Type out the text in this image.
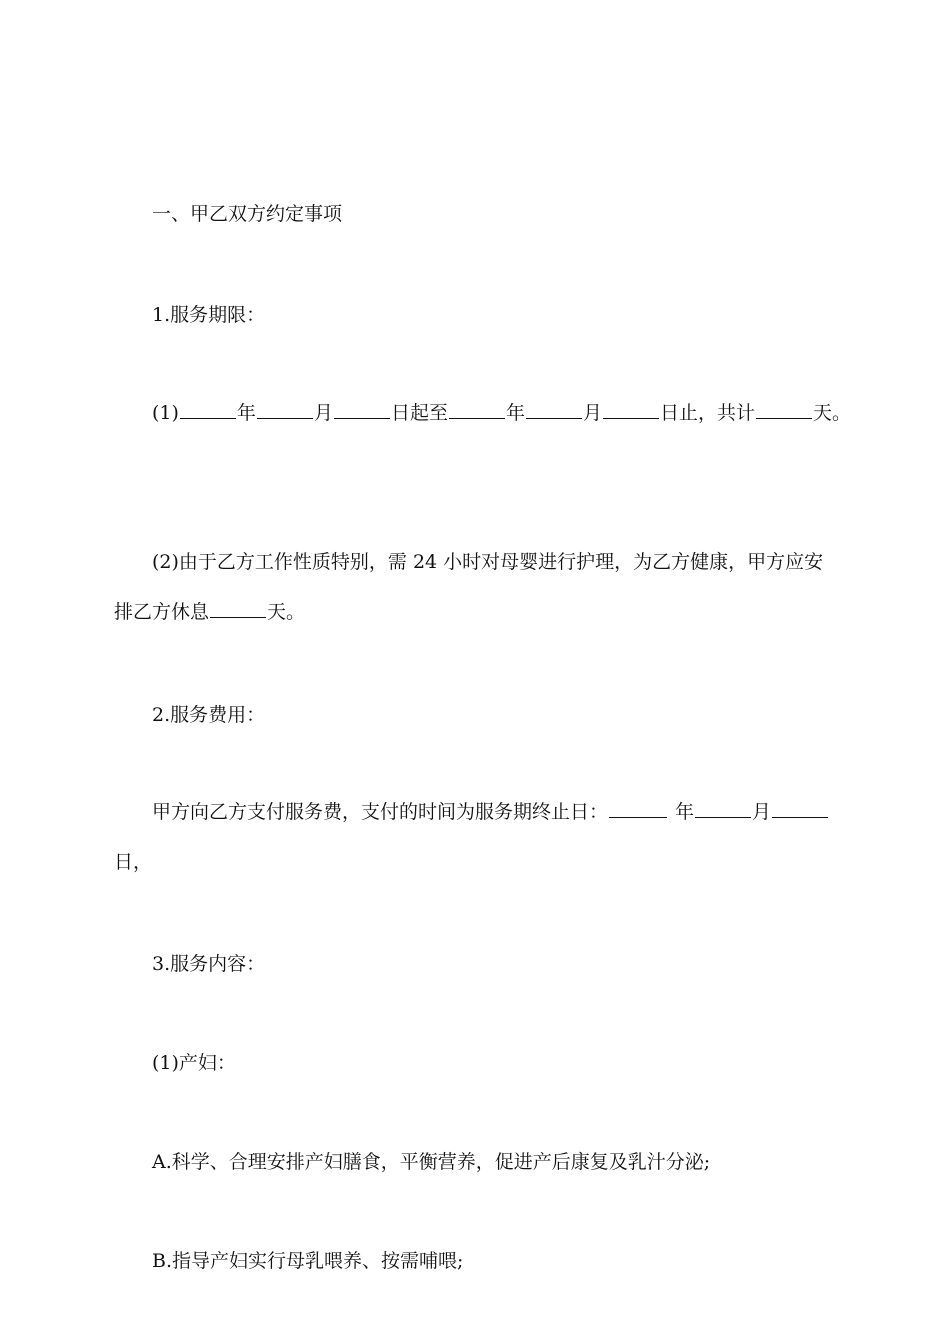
一、甲乙双方约定事项
1.服务期限：
(1)	年	月	日起至	年	月	日止，共计	天。
(2)由于乙方工作性质特别，需 24 小时对母婴进行护理，为乙方健康，甲方应安
排乙方休息	天。
2.服务费用：
甲方向乙方支付服务费，支付的时间为服务期终止日：	年	月
日，
3.服务内容：
(1)产妇：
A.科学、合理安排产妇膳食，平衡营养，促进产后康复及乳汁分泌;
B.指导产妇实行母乳喂养、按需哺喂;
